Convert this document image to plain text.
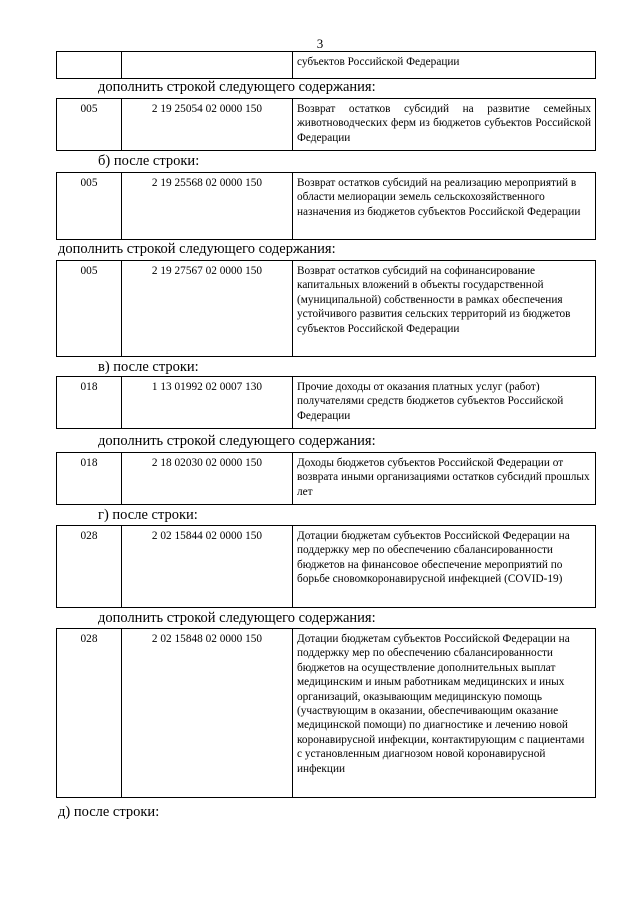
3
		субъектов Российской Федерации
дополнить строкой следующего содержания:
005	2 19 25054 02 0000 150	Возврат остатков субсидий на развитие семейных животноводческих ферм из бюджетов субъектов Российской Федерации
б) после строки:
005	2 19 25568 02 0000 150	Возврат остатков субсидий на реализацию мероприятий в области мелиорации земель сельскохозяйственного назначения из бюджетов субъектов Российской Федерации
дополнить строкой следующего содержания:
005	2 19 27567 02 0000 150	Возврат остатков субсидий на софинансирование капитальных вложений в объекты государственной (муниципальной) собственности в рамках обеспечения устойчивого развития сельских территорий из бюджетов субъектов Российской Федерации
в) после строки:
018	1 13 01992 02 0007 130	Прочие доходы от оказания платных услуг (работ) получателями средств бюджетов субъектов Российской Федерации
дополнить строкой следующего содержания:
018	2 18 02030 02 0000 150	Доходы бюджетов субъектов Российской Федерации от возврата иными организациями остатков субсидий прошлых лет
г) после строки:
028	2 02 15844 02 0000 150	Дотации бюджетам субъектов Российской Федерации на поддержку мер по обеспечению сбалансированности бюджетов на финансовое обеспечение мероприятий по борьбе сновомкоронавирусной инфекцией (COVID-19)
дополнить строкой следующего содержания:
028	2 02 15848 02 0000 150	Дотации бюджетам субъектов Российской Федерации на поддержку мер по обеспечению сбалансированности бюджетов на осуществление дополнительных выплат медицинским и иным работникам медицинских и иных организаций, оказывающим медицинскую помощь (участвующим в оказании, обеспечивающим оказание медицинской помощи) по диагностике и лечению новой коронавирусной инфекции, контактирующим с пациентами с установленным диагнозом новой коронавирусной инфекции
д) после строки:
